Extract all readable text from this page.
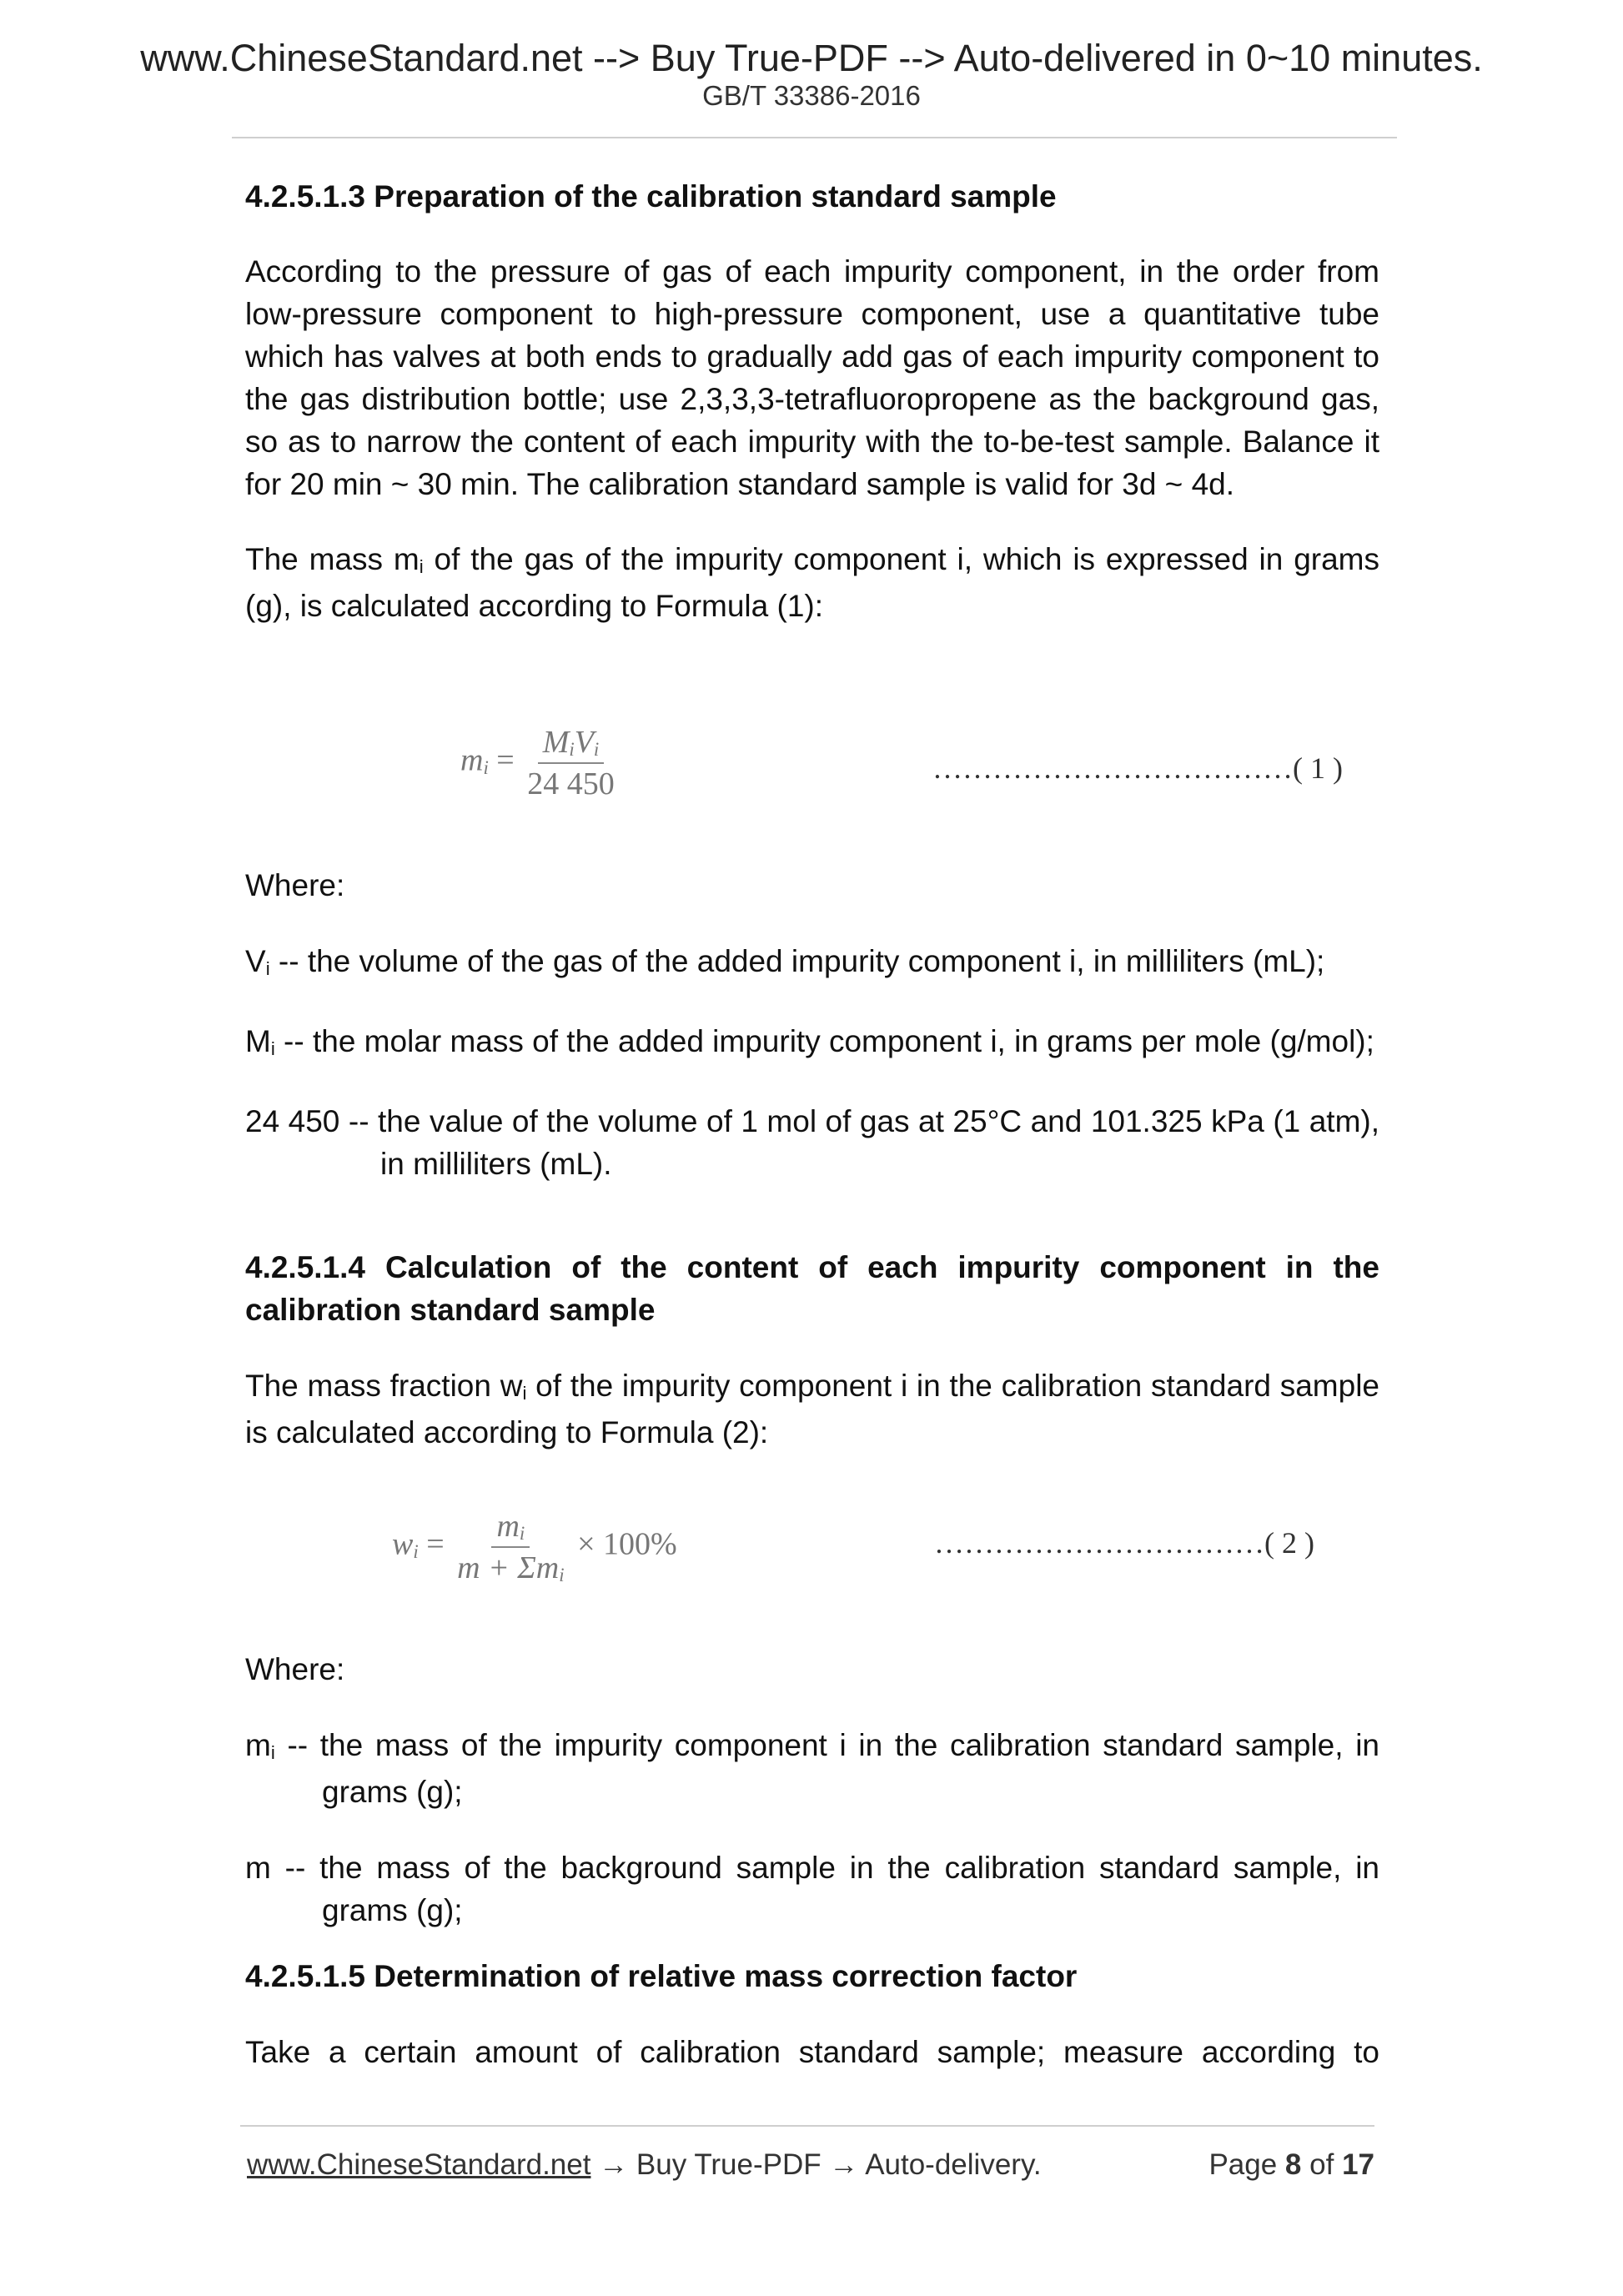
www.ChineseStandard.net --> Buy True-PDF --> Auto-delivered in 0~10 minutes.
GB/T 33386-2016

4.2.5.1.3 Preparation of the calibration standard sample

According to the pressure of gas of each impurity component, in the order from low-pressure component to high-pressure component, use a quantitative tube which has valves at both ends to gradually add gas of each impurity component to the gas distribution bottle; use 2,3,3,3-tetrafluoropropene as the background gas, so as to narrow the content of each impurity with the to-be-test sample. Balance it for 20 min ~ 30 min. The calibration standard sample is valid for 3d ~ 4d.

The mass mi of the gas of the impurity component i, which is expressed in grams (g), is calculated according to Formula (1):

mi = $\frac{\text{MiVi}}{24 450}$	………………………………( 1 )

Where:

Vi -- the volume of the gas of the added impurity component i, in milliliters (mL);

Mi -- the molar mass of the added impurity component i, in grams per mole (g/mol);

24 450 -- the value of the volume of 1 mol of gas at 25°C and 101.325 kPa (1 atm), in milliliters (mL).

4.2.5.1.4 Calculation of the content of each impurity component in the calibration standard sample

The mass fraction wi of the impurity component i in the calibration standard sample is calculated according to Formula (2):

wi = $\frac{mi}{\text{m + Σmi}} \times 100\%$	……………………………( 2 )

Where:

mi -- the mass of the impurity component i in the calibration standard sample, in grams (g);

m -- the mass of the background sample in the calibration standard sample, in grams (g);

4.2.5.1.5 Determination of relative mass correction factor

Take a certain amount of calibration standard sample; measure according to

www.ChineseStandard.net → Buy True-PDF → Auto-delivery.	Page 8 of 17
